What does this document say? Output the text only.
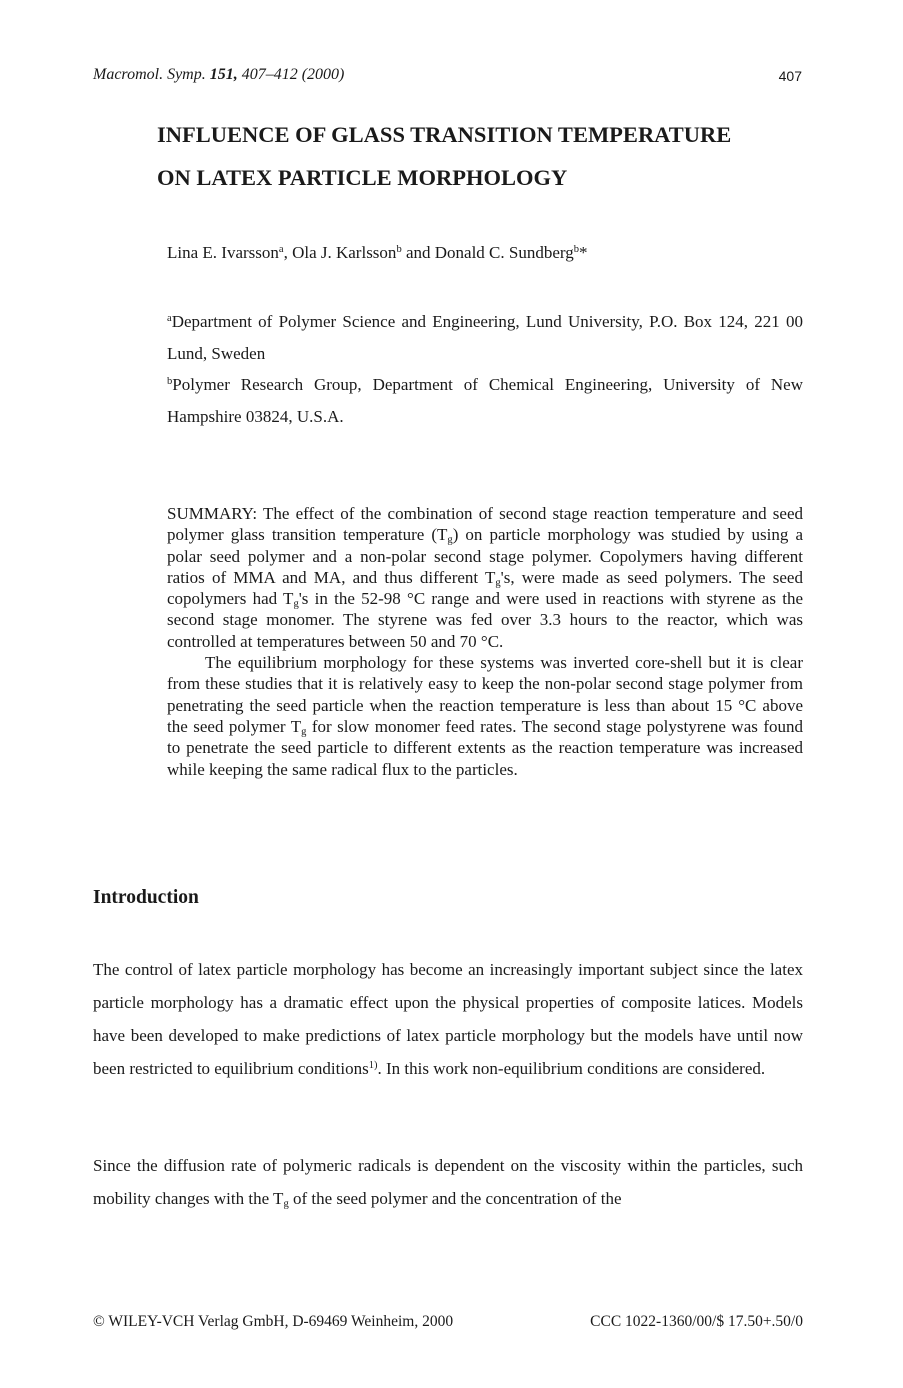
Macromol. Symp. 151, 407–412 (2000)	407
INFLUENCE OF GLASS TRANSITION TEMPERATURE
ON LATEX PARTICLE MORPHOLOGY
Lina E. Ivarsson$^a$, Ola J. Karlsson$^b$ and Donald C. Sundberg$^b$*
$^a$Department of Polymer Science and Engineering, Lund University, P.O. Box 124, 221 00 Lund, Sweden
$^b$Polymer Research Group, Department of Chemical Engineering, University of New Hampshire 03824, U.S.A.

SUMMARY: The effect of the combination of second stage reaction temperature and seed polymer glass transition temperature $(T_g)$ on particle morphology was studied by using a polar seed polymer and a non-polar second stage polymer. Copolymers having different ratios of MMA and MA, and thus different $T_g's$, were made as seed polymers. The seed copolymers had $T_g's$ in the 52-98 °C range and were used in reactions with styrene as the second stage monomer. The styrene was fed over 3.3 hours to the reactor, which was controlled at temperatures between 50 and 70 °C.

The equilibrium morphology for these systems was inverted core-shell but it is clear from these studies that it is relatively easy to keep the non-polar second stage polymer from penetrating the seed particle when the reaction temperature is less than about 15 °C above the seed polymer $T_g$ for slow monomer feed rates. The second stage polystyrene was found to penetrate the seed particle to different extents as the reaction temperature was increased while keeping the same radical flux to the particles.

Introduction

The control of latex particle morphology has become an increasingly important subject since the latex particle morphology has a dramatic effect upon the physical properties of composite latices. Models have been developed to make predictions of latex particle morphology but the models have until now been restricted to equilibrium conditions$^{1)}$. In this work non-equilibrium conditions are considered.

Since the diffusion rate of polymeric radicals is dependent on the viscosity within the particles, such mobility changes with the $T_g$ of the seed polymer and the concentration of the

© WILEY-VCH Verlag GmbH, D-69469 Weinheim, 2000	CCC 1022-1360/00/$ 17.50+.50/0
